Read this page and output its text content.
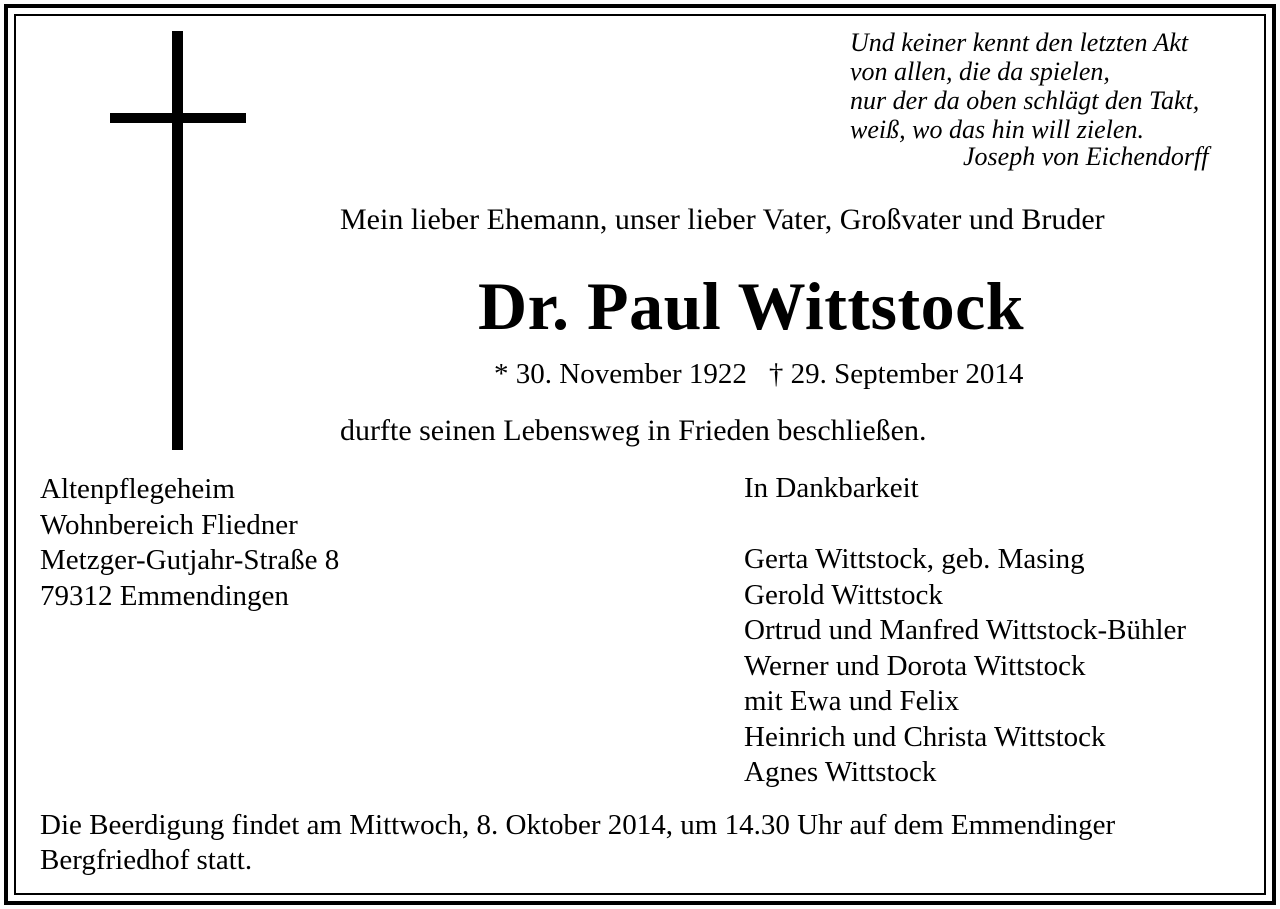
Und keiner kennt den letzten Akt
von allen, die da spielen,
nur der da oben schlägt den Takt,
weiß, wo das hin will zielen.
Joseph von Eichendorff
Mein lieber Ehemann, unser lieber Vater, Großvater und Bruder
Dr. Paul Wittstock
* 30. November 1922 † 29. September 2014
durfte seinen Lebensweg in Frieden beschließen.
Altenpflegeheim
Wohnbereich Fliedner
Metzger-Gutjahr-Straße 8
79312 Emmendingen
In Dankbarkeit
Gerta Wittstock, geb. Masing
Gerold Wittstock
Ortrud und Manfred Wittstock-Bühler
Werner und Dorota Wittstock
mit Ewa und Felix
Heinrich und Christa Wittstock
Agnes Wittstock
Die Beerdigung findet am Mittwoch, 8. Oktober 2014, um 14.30 Uhr auf dem Emmendinger Bergfriedhof statt.
